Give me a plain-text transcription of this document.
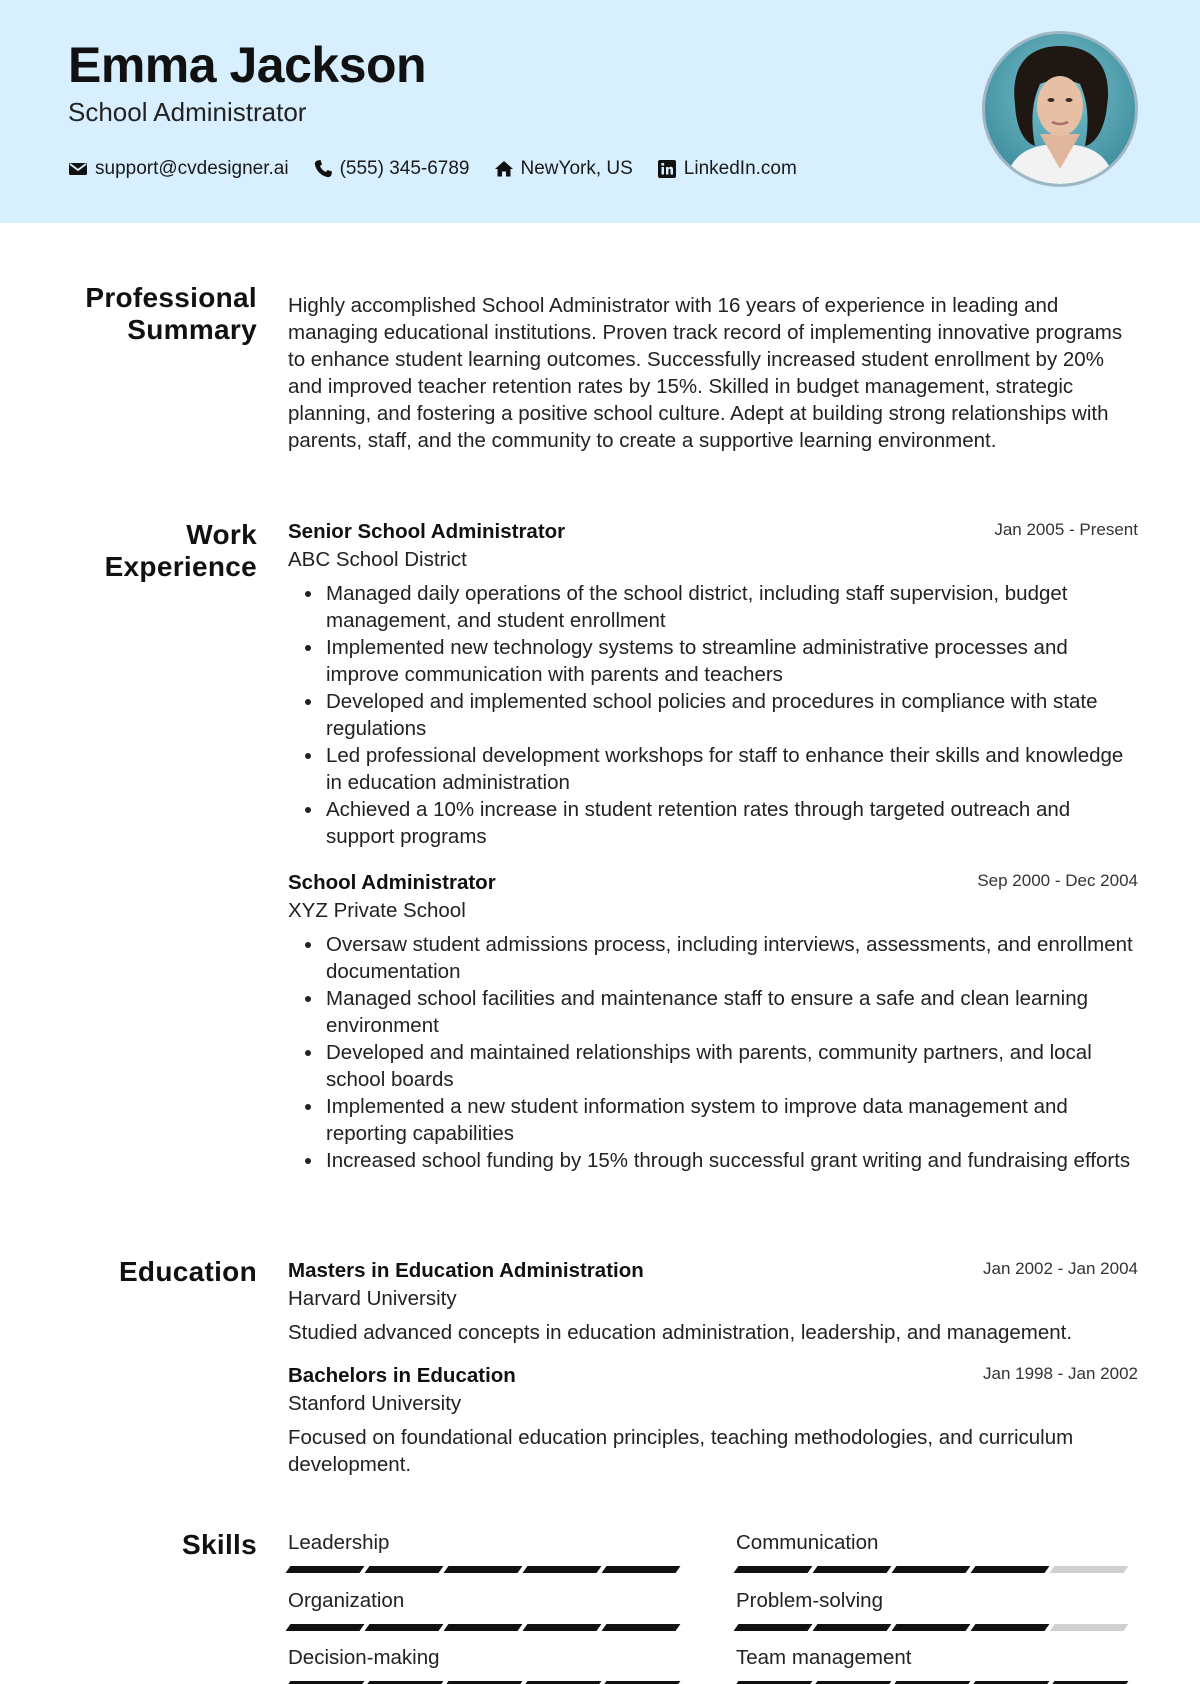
Emma Jackson
School Administrator
support@cvdesigner.ai	(555) 345-6789	NewYork, US	LinkedIn.com
Professional
Summary
Highly accomplished School Administrator with 16 years of experience in leading and managing educational institutions. Proven track record of implementing innovative programs to enhance student learning outcomes. Successfully increased student enrollment by 20% and improved teacher retention rates by 15%. Skilled in budget management, strategic planning, and fostering a positive school culture. Adept at building strong relationships with parents, staff, and the community to create a supportive learning environment.
Work
Experience
Senior School Administrator	Jan 2005 - Present
ABC School District
Managed daily operations of the school district, including staff supervision, budget management, and student enrollment
Implemented new technology systems to streamline administrative processes and improve communication with parents and teachers
Developed and implemented school policies and procedures in compliance with state regulations
Led professional development workshops for staff to enhance their skills and knowledge in education administration
Achieved a 10% increase in student retention rates through targeted outreach and support programs
School Administrator	Sep 2000 - Dec 2004
XYZ Private School
Oversaw student admissions process, including interviews, assessments, and enrollment documentation
Managed school facilities and maintenance staff to ensure a safe and clean learning environment
Developed and maintained relationships with parents, community partners, and local school boards
Implemented a new student information system to improve data management and reporting capabilities
Increased school funding by 15% through successful grant writing and fundraising efforts
Education Masters in Education Administration	Jan 2002 - Jan 2004
Harvard University
Studied advanced concepts in education administration, leadership, and management.
Bachelors in Education	Jan 1998 - Jan 2002
Stanford University
Focused on foundational education principles, teaching methodologies, and curriculum development.
Skills Leadership	Communication
Organization	Problem-solving
Decision-making	Team management
